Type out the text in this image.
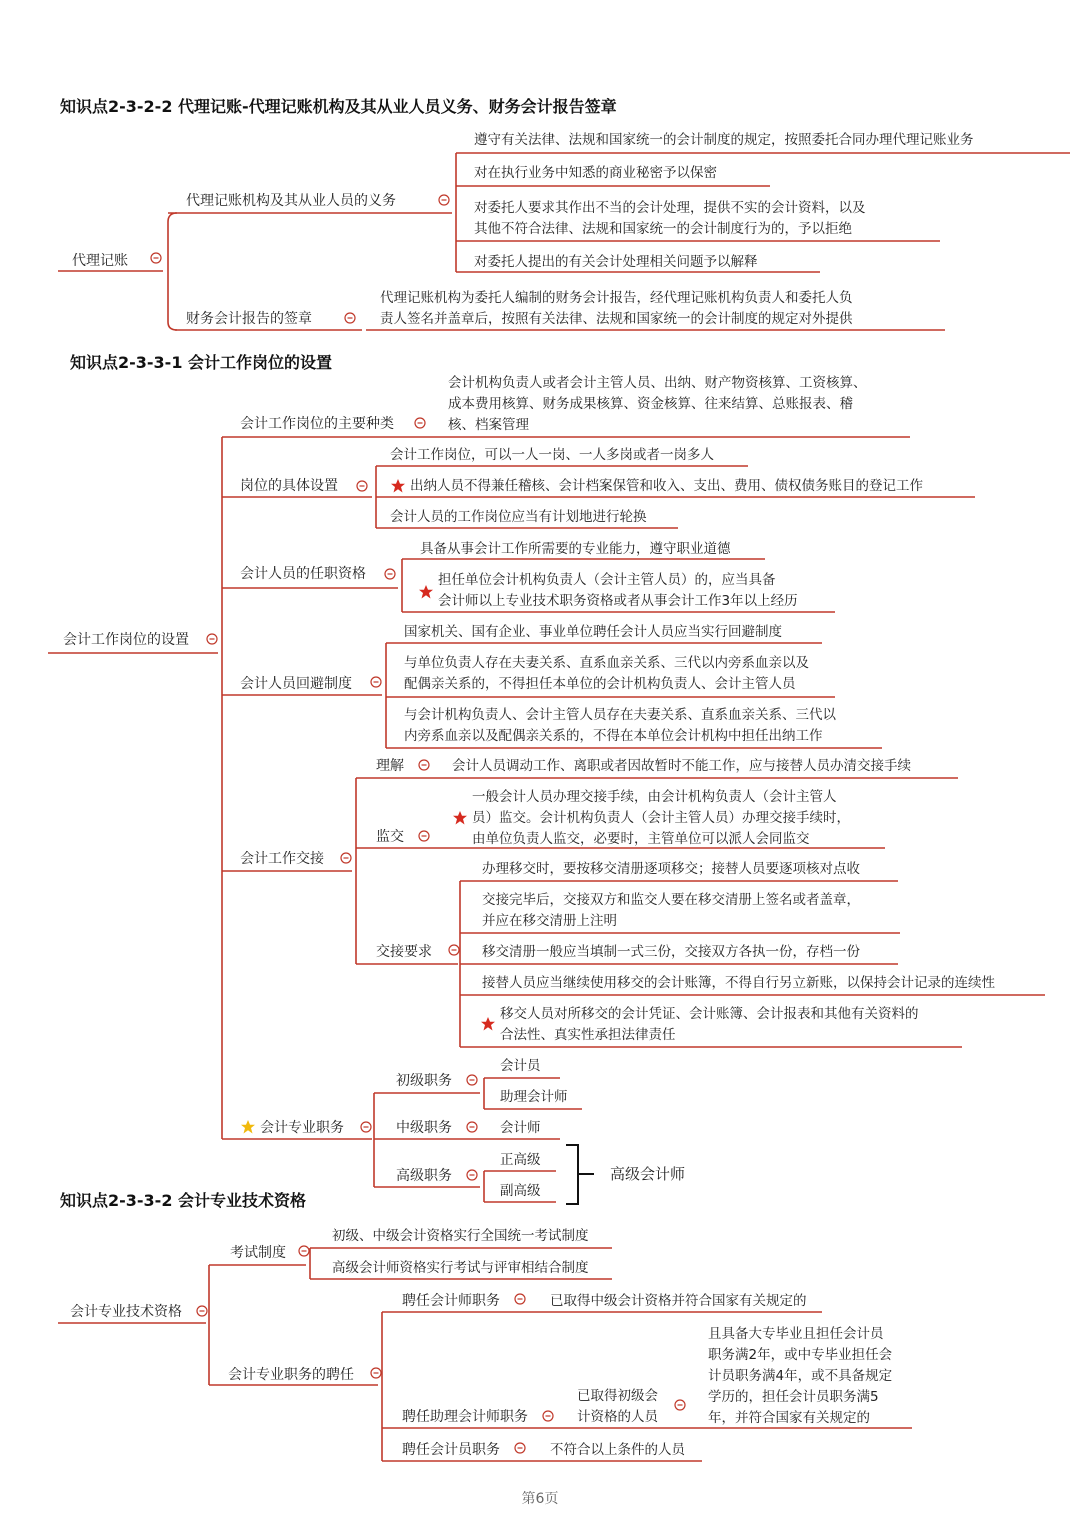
知识点2-3-2-2 代理记账-代理记账机构及其从业人员义务、财务会计报告签章
知识点2-3-3-1 会计工作岗位的设置
知识点2-3-3-2 会计专业技术资格
代理记账
代理记账机构及其从业人员的义务
财务会计报告的签章
遵守有关法律、法规和国家统一的会计制度的规定，按照委托合同办理代理记账业务
对在执行业务中知悉的商业秘密予以保密
对委托人要求其作出不当的会计处理，提供不实的会计资料，以及
其他不符合法律、法规和国家统一的会计制度行为的，予以拒绝
对委托人提出的有关会计处理相关问题予以解释
代理记账机构为委托人编制的财务会计报告，经代理记账机构负责人和委托人负
责人签名并盖章后，按照有关法律、法规和国家统一的会计制度的规定对外提供
会计工作岗位的设置
会计工作岗位的主要种类
会计机构负责人或者会计主管人员、出纳、财产物资核算、工资核算、
成本费用核算、财务成果核算、资金核算、往来结算、总账报表、稽
核、档案管理
岗位的具体设置
会计工作岗位，可以一人一岗、一人多岗或者一岗多人
出纳人员不得兼任稽核、会计档案保管和收入、支出、费用、债权债务账目的登记工作
会计人员的工作岗位应当有计划地进行轮换
会计人员的任职资格
具备从事会计工作所需要的专业能力，遵守职业道德
担任单位会计机构负责人（会计主管人员）的，应当具备
会计师以上专业技术职务资格或者从事会计工作3年以上经历
会计人员回避制度
国家机关、国有企业、事业单位聘任会计人员应当实行回避制度
与单位负责人存在夫妻关系、直系血亲关系、三代以内旁系血亲以及
配偶亲关系的，不得担任本单位的会计机构负责人、会计主管人员
与会计机构负责人、会计主管人员存在夫妻关系、直系血亲关系、三代以
内旁系血亲以及配偶亲关系的，不得在本单位会计机构中担任出纳工作
会计工作交接
理解	会计人员调动工作、离职或者因故暂时不能工作，应与接替人员办清交接手续
监交
一般会计人员办理交接手续，由会计机构负责人（会计主管人
员）监交。会计机构负责人（会计主管人员）办理交接手续时，
由单位负责人监交，必要时，主管单位可以派人会同监交
交接要求
办理移交时，要按移交清册逐项移交；接替人员要逐项核对点收
交接完毕后，交接双方和监交人要在移交清册上签名或者盖章，
并应在移交清册上注明
移交清册一般应当填制一式三份，交接双方各执一份，存档一份
接替人员应当继续使用移交的会计账簿，不得自行另立新账，以保持会计记录的连续性
移交人员对所移交的会计凭证、会计账簿、会计报表和其他有关资料的
合法性、真实性承担法律责任
会计专业职务
初级职务
会计员
助理会计师
中级职务	会计师
高级职务
正高级
副高级
高级会计师
会计专业技术资格
考试制度
初级、中级会计资格实行全国统一考试制度
高级会计师资格实行考试与评审相结合制度
会计专业职务的聘任
聘任会计师职务	已取得中级会计资格并符合国家有关规定的
聘任助理会计师职务
已取得初级会
计资格的人员
且具备大专毕业且担任会计员
职务满2年，或中专毕业担任会
计员职务满4年，或不具备规定
学历的，担任会计员职务满5
年，并符合国家有关规定的
聘任会计员职务	不符合以上条件的人员
第6页
